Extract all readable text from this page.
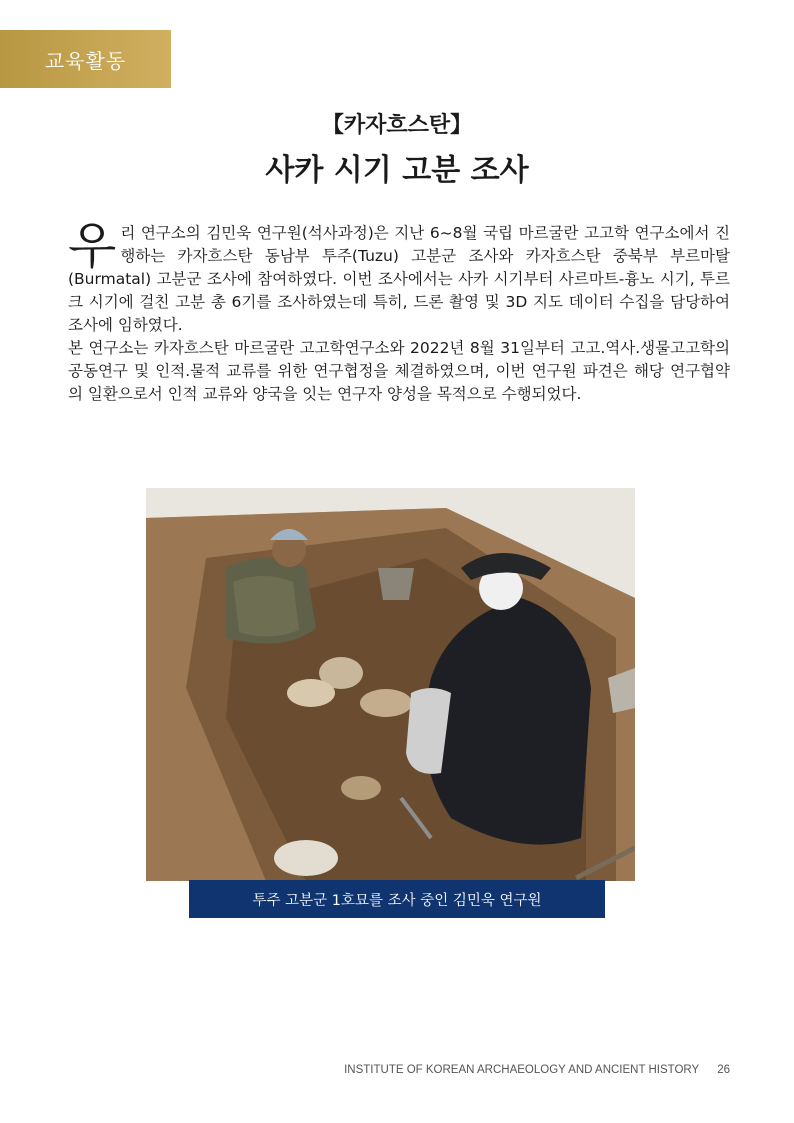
교육활동
【카자흐스탄】
사카 시기 고분 조사

우리 연구소의 김민욱 연구원(석사과정)은 지난 6~8월 국립 마르굴란 고고학 연구소에서 진행하는 카자흐스탄 동남부 투주(Tuzu) 고분군 조사와 카자흐스탄 중북부 부르마탈(Burmatal) 고분군 조사에 참여하였다. 이번 조사에서는 사카 시기부터 사르마트-흉노 시기, 투르크 시기에 걸친 고분 총 6기를 조사하였는데 특히, 드론 촬영 및 3D 지도 데이터 수집을 담당하여 조사에 임하였다.

본 연구소는 카자흐스탄 마르굴란 고고학연구소와 2022년 8월 31일부터 고고.역사.생물고고학의 공동연구 및 인적.물적 교류를 위한 연구협정을 체결하였으며, 이번 연구원 파견은 해당 연구협약의 일환으로서 인적 교류와 양국을 잇는 연구자 양성을 목적으로 수행되었다.

투주 고분군 1호묘를 조사 중인 김민욱 연구원
INSTITUTE OF KOREAN ARCHAEOLOGY AND ANCIENT HISTORY 26
